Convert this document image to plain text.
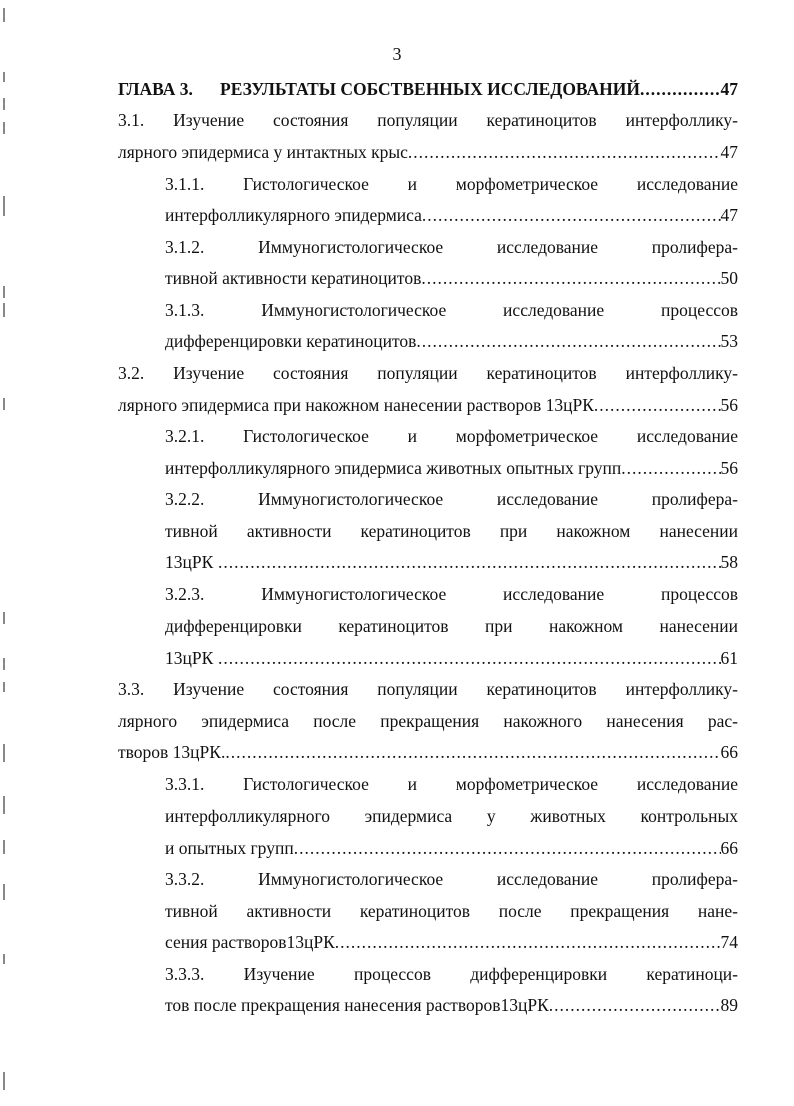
3
ГЛАВА 3. РЕЗУЛЬТАТЫ СОБСТВЕННЫХ ИССЛЕДОВАНИЙ .....	47
3.1. Изучение состояния популяции кератиноцитов интерфоллику-
лярного эпидермиса у интактных крыс .....	47
3.1.1. Гистологическое и морфометрическое исследование
интерфолликулярного эпидермиса .....	47
3.1.2. Иммуногистологическое исследование пролифера-
тивной активности кератиноцитов .....	50
3.1.3. Иммуногистологическое исследование процессов
дифференцировки кератиноцитов .....	53
3.2. Изучение состояния популяции кератиноцитов интерфоллику-
лярного эпидермиса при накожном нанесении растворов 13цРК .....	56
3.2.1. Гистологическое и морфометрическое исследование
интерфолликулярного эпидермиса животных опытных групп .....	56
3.2.2. Иммуногистологическое исследование пролифера-
тивной активности кератиноцитов при накожном нанесении
13цРК .....	58
3.2.3. Иммуногистологическое исследование процессов
дифференцировки кератиноцитов при накожном нанесении
13цРК .....	61
3.3. Изучение состояния популяции кератиноцитов интерфоллику-
лярного эпидермиса после прекращения накожного нанесения рас-
творов 13цРК. .....	66
3.3.1. Гистологическое и морфометрическое исследование
интерфолликулярного эпидермиса у животных контрольных
и опытных групп .....	66
3.3.2. Иммуногистологическое исследование пролифера-
тивной активности кератиноцитов после прекращения нане-
сения растворов13цРК .....	74
3.3.3. Изучение процессов дифференцировки кератиноци-
тов после прекращения нанесения растворов13цРК .....	89
